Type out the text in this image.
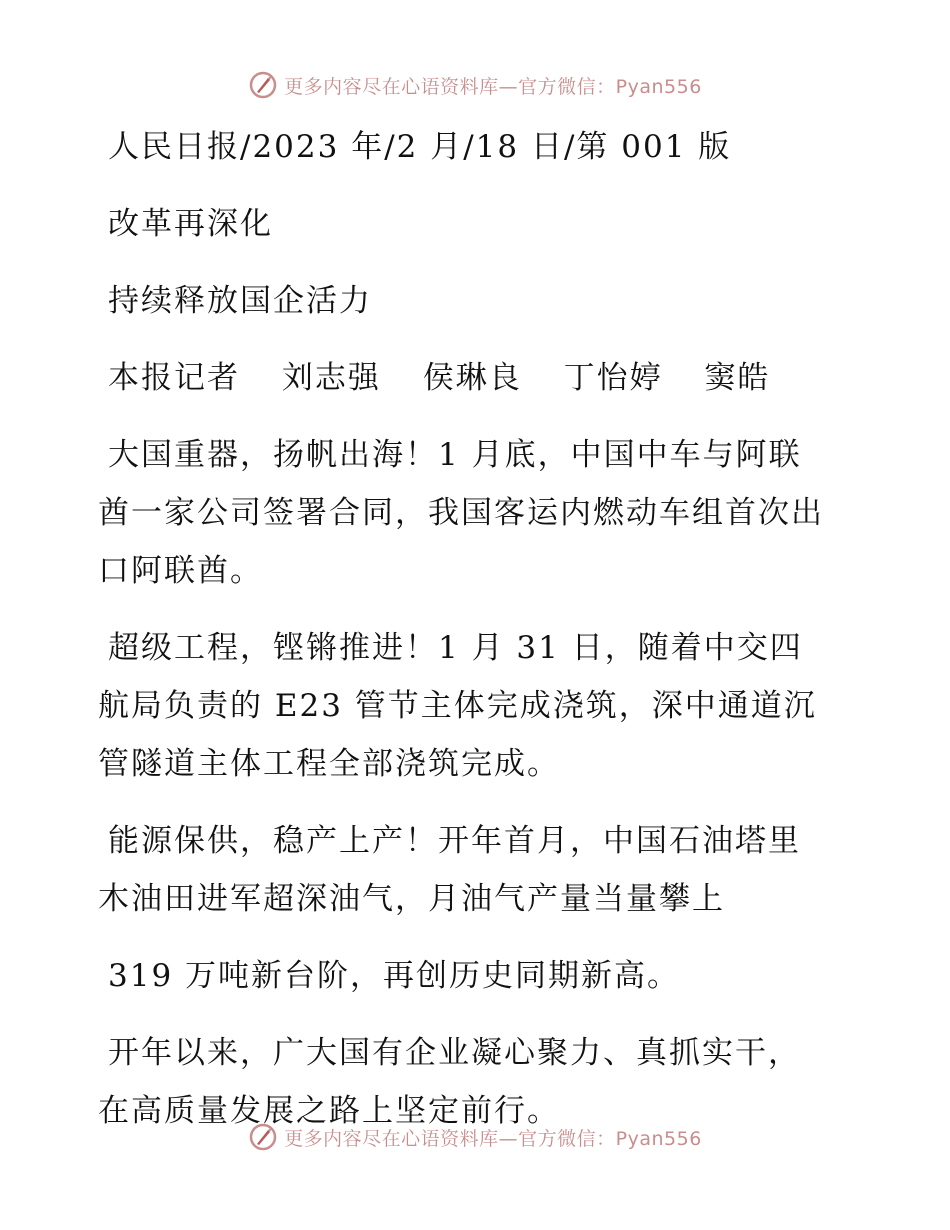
更多内容尽在心语资料库—官方微信：Pyan556
人民日报/2023 年/2 月/18 日/第 001 版
改革再深化
持续释放国企活力
本报记者 刘志强 侯琳良 丁怡婷 窦皓
大国重器，扬帆出海！1 月底，中国中车与阿联
酋一家公司签署合同，我国客运内燃动车组首次出
口阿联酋。
超级工程，铿锵推进！1 月 31 日，随着中交四
航局负责的 E23 管节主体完成浇筑，深中通道沉
管隧道主体工程全部浇筑完成。
能源保供，稳产上产！开年首月，中国石油塔里
木油田进军超深油气，月油气产量当量攀上
319 万吨新台阶，再创历史同期新高。
开年以来，广大国有企业凝心聚力、真抓实干，
在高质量发展之路上坚定前行。
更多内容尽在心语资料库—官方微信：Pyan556
